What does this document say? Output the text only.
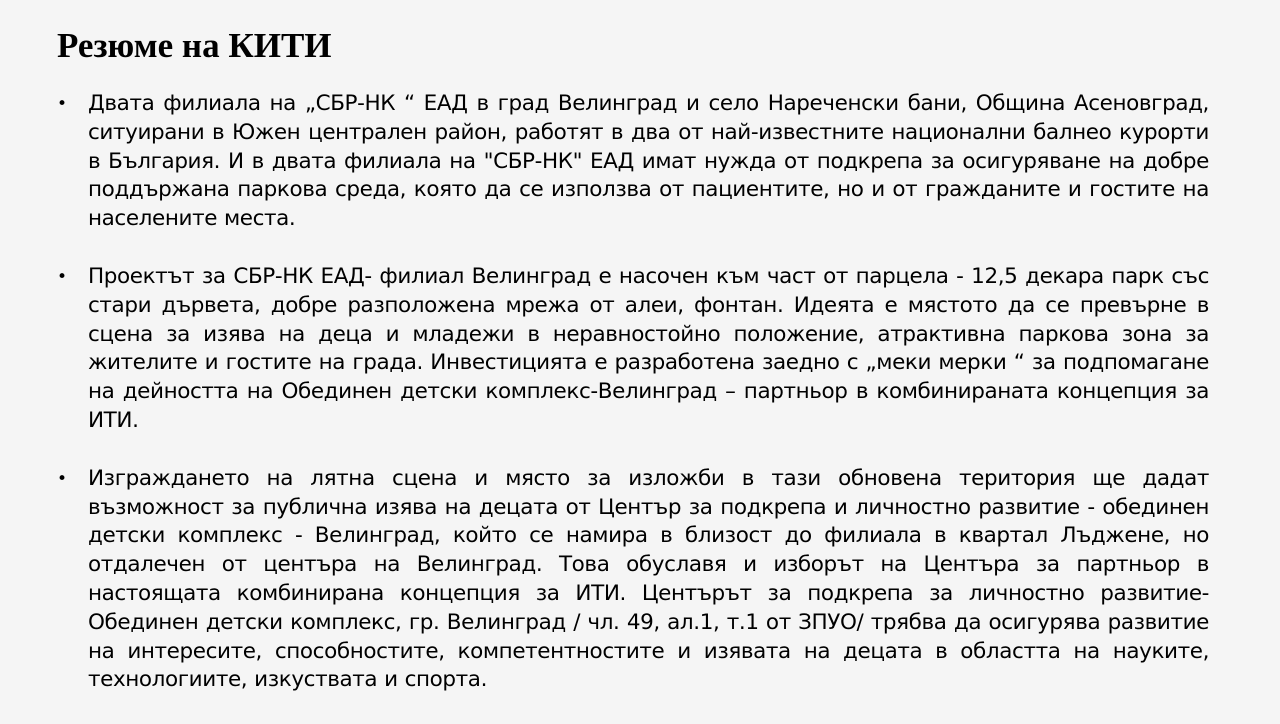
Резюме на КИТИ
• Двата филиала на „СБР-НК “ ЕАД в град Велинград и село Нареченски бани, Община Асеновград, ситуирани в Южен централен район, работят в два от най-известните национални балнео курорти в България. И в двата филиала на "СБР-НК" ЕАД имат нужда от подкрепа за осигуряване на добре поддържана паркова среда, която да се използва от пациентите, но и от гражданите и гостите на населените места.
• Проектът за СБР-НК ЕАД- филиал Велинград е насочен към част от парцела - 12,5 декара парк със стари дървета, добре разположена мрежа от алеи, фонтан. Идеята е мястото да се превърне в сцена за изява на деца и младежи в неравностойно положение, атрактивна паркова зона за жителите и гостите на града. Инвестицията е разработена заедно с „меки мерки “ за подпомагане на дейността на Обединен детски комплекс-Велинград – партньор в комбинираната концепция за ИТИ.
• Изграждането на лятна сцена и място за изложби в тази обновена територия ще дадат възможност за публична изява на децата от Център за подкрепа и личностно развитие - обединен детски комплекс - Велинград, който се намира в близост до филиала в квартал Лъджене, но отдалечен от центъра на Велинград. Това обуславя и изборът на Центъра за партньор в настоящата комбинирана концепция за ИТИ. Центърът за подкрепа за личностно развитие-Обединен детски комплекс, гр. Велинград / чл. 49, ал.1, т.1 от ЗПУО/ трябва да осигурява развитие на интересите, способностите, компетентностите и изявата на децата в областта на науките, технологиите, изкуствата и спорта.
